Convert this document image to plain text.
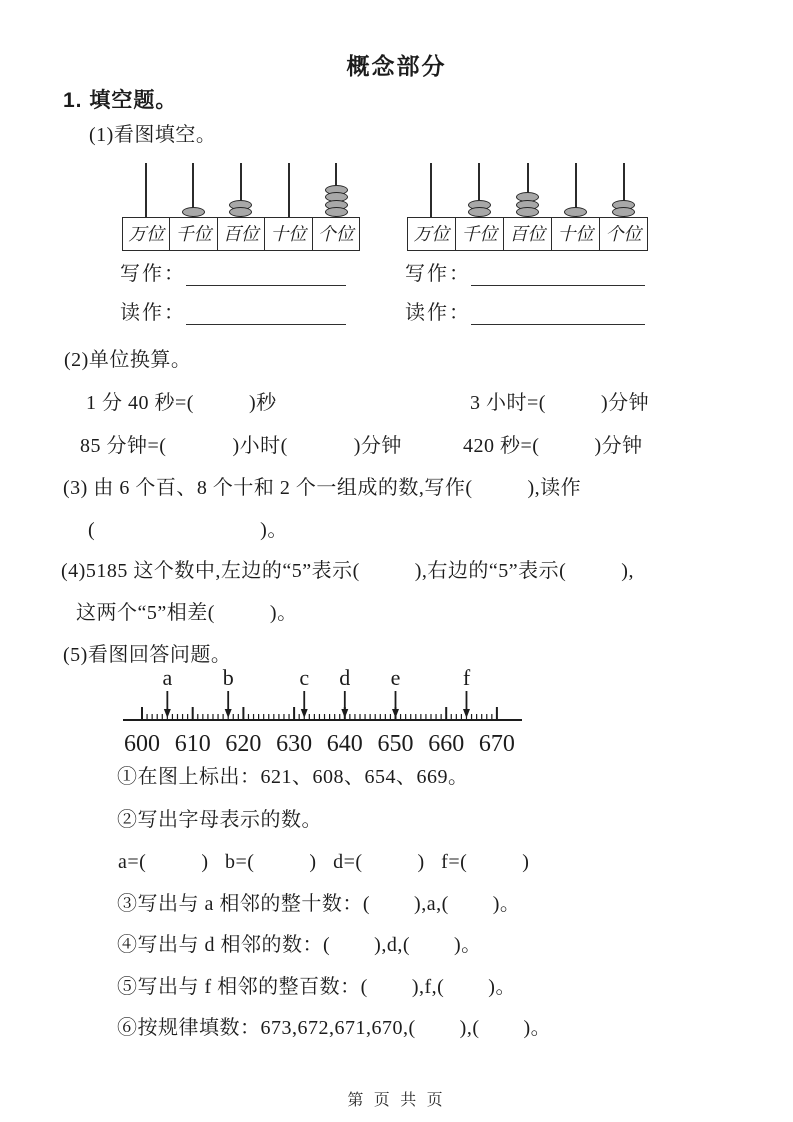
概念部分
1. 填空题。
(1)看图填空。
万位 千位 百位 十位 个位	万位 千位 百位 十位 个位
写作：	写作：
读作：	读作：
(2)单位换算。
1 分 40 秒=(          )秒	3 小时=(          )分钟
85 分钟=(            )小时(            )分钟	420 秒=(          )分钟
(3) 由 6 个百、8 个十和 2 个一组成的数,写作(          ),读作
(                              )。
(4)5185 这个数中,左边的“5”表示(          ),右边的“5”表示(          ),
这两个“5”相差(          )。
(5)看图回答问题。
600 610 620 630 640 650 660 670
a b	c d e	f
①在图上标出：621、608、654、669。
②写出字母表示的数。
a=(          )   b=(          )   d=(          )   f=(          )
③写出与 a 相邻的整十数：(        ),a,(        )。
④写出与 d 相邻的数：(        ),d,(        )。
⑤写出与 f 相邻的整百数：(        ),f,(        )。
⑥按规律填数：673,672,671,670,(        ),(        )。
第 页 共 页
